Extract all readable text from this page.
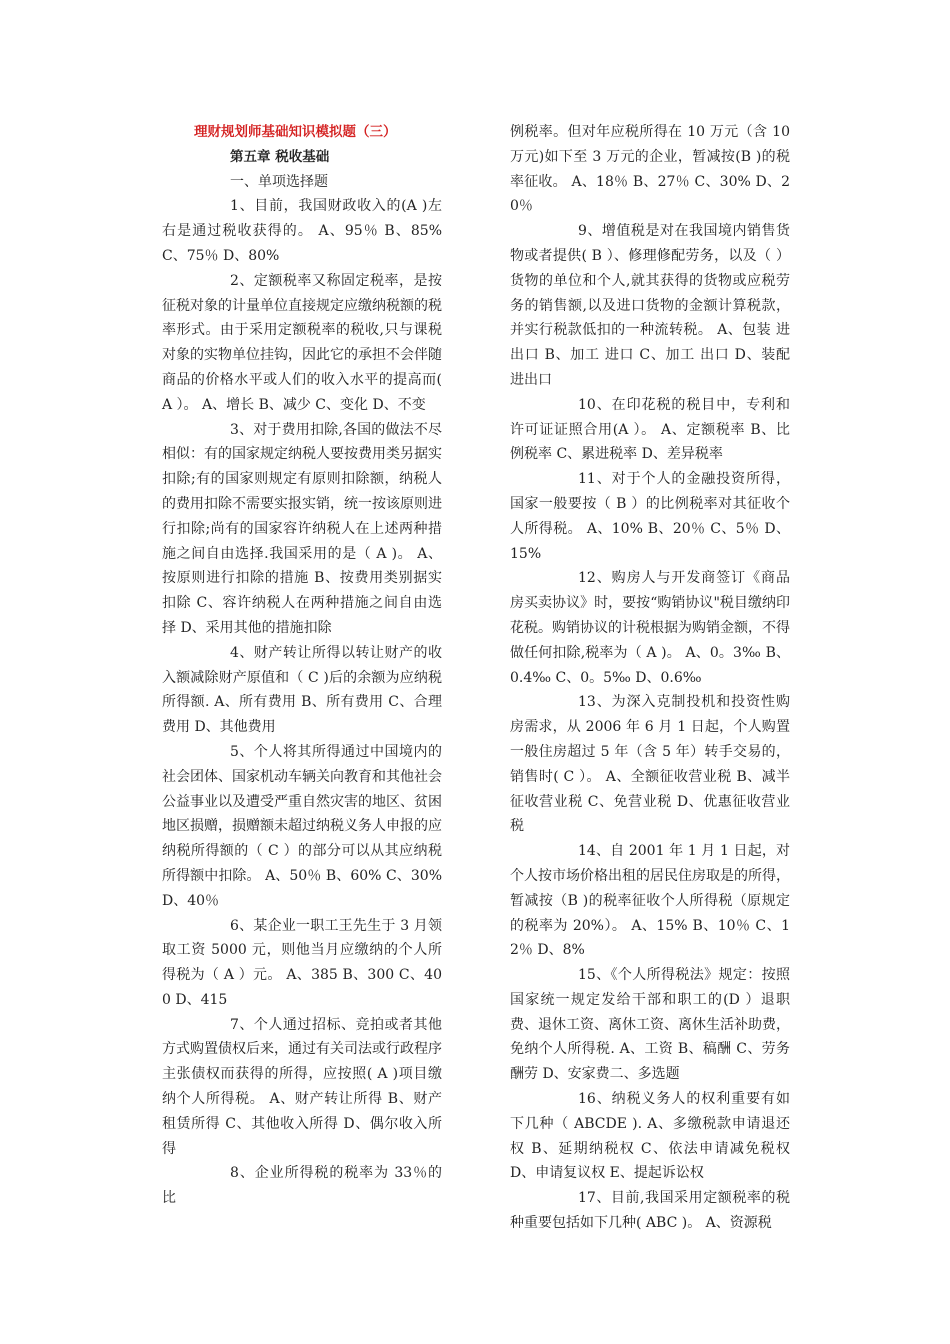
理财规划师基础知识模拟题（三）

第五章 税收基础

一、单项选择题

1、目前，我国财政收入的(A )左右是通过税收获得的。 A、95％ B、85% C、75％ D、80%

2、定额税率又称固定税率，是按征税对象的计量单位直接规定应缴纳税额的税率形式。由于采用定额税率的税收,只与课税对象的实物单位挂钩，因此它的承担不会伴随商品的价格水平或人们的收入水平的提高而( A ）。 A、增长 B、减少 C、变化 D、不变

3、对于费用扣除,各国的做法不尽相似：有的国家规定纳税人要按费用类另据实扣除;有的国家则规定有原则扣除额，纳税人的费用扣除不需要实报实销，统一按该原则进行扣除;尚有的国家容许纳税人在上述两种措施之间自由选择.我国采用的是（ A )。 A、按原则进行扣除的措施 B、按费用类别据实扣除 C、容许纳税人在两种措施之间自由选择 D、采用其他的措施扣除

4、财产转让所得以转让财产的收入额减除财产原值和（ C )后的余额为应纳税所得额. A、所有费用 B、所有费用 C、合理费用 D、其他费用

5、个人将其所得通过中国境内的社会团体、国家机动车辆关向教育和其他社会公益事业以及遭受严重自然灾害的地区、贫困地区损赠，损赠额未超过纳税义务人申报的应纳税所得额的（ C ）的部分可以从其应纳税所得额中扣除。 A、50％ B、60% C、30% D、40％

6、某企业一职工王先生于 3 月领取工资 5000 元，则他当月应缴纳的个人所得税为（ A ）元。 A、385 B、300 C、400 D、415

7、个人通过招标、竞拍或者其他方式购置债权后来，通过有关司法或行政程序主张债权而获得的所得，应按照( A )项目缴纳个人所得税。 A、财产转让所得 B、财产租赁所得 C、其他收入所得 D、偶尔收入所得

8、企业所得税的税率为 33％的比

例税率。但对年应税所得在 10 万元（含 10 万元)如下至 3 万元的企业，暂减按(B )的税率征收。 A、18％ B、27％ C、30% D、20％

9、增值税是对在我国境内销售货物或者提供( B ）、修理修配劳务，以及（ ）货物的单位和个人,就其获得的货物或应税劳务的销售额,以及进口货物的金额计算税款，并实行税款低扣的一种流转税。 A、包装 进出口 B、加工 进口 C、加工 出口 D、装配 进出口

10、在印花税的税目中，专利和许可证证照合用(A ）。 A、定额税率 B、比例税率 C、累进税率 D、差异税率

11、对于个人的金融投资所得，国家一般要按（ B ）的比例税率对其征收个人所得税。 A、10% B、20％ C、5％ D、15%

12、购房人与开发商签订《商品房买卖协议》时，要按“购销协议"税目缴纳印花税。购销协议的计税根据为购销金额，不得做任何扣除,税率为（ A )。 A、0。3‰ B、0.4‰ C、0。5‰ D、0.6‰

13、为深入克制投机和投资性购房需求，从 2006 年 6 月 1 日起，个人购置一般住房超过 5 年（含 5 年）转手交易的，销售时( C ）。 A、全额征收营业税 B、减半征收营业税 C、免营业税 D、优惠征收营业税

14、自 2001 年 1 月 1 日起，对个人按市场价格出租的居民住房取是的所得，暂减按（B )的税率征收个人所得税（原规定的税率为 20%）。 A、15% B、10％ C、12％ D、8%

15、《个人所得税法》规定：按照国家统一规定发给干部和职工的(D ）退职费、退休工资、离休工资、离休生活补助费，免纳个人所得税. A、工资 B、稿酬 C、劳务酬劳 D、安家费二、多选题

16、纳税义务人的权利重要有如下几种（ ABCDE ). A、多缴税款申请退还权 B、延期纳税权 C、依法申请减免税权 D、申请复议权 E、提起诉讼权

17、目前,我国采用定额税率的税种重要包括如下几种( ABC )。 A、资源税
